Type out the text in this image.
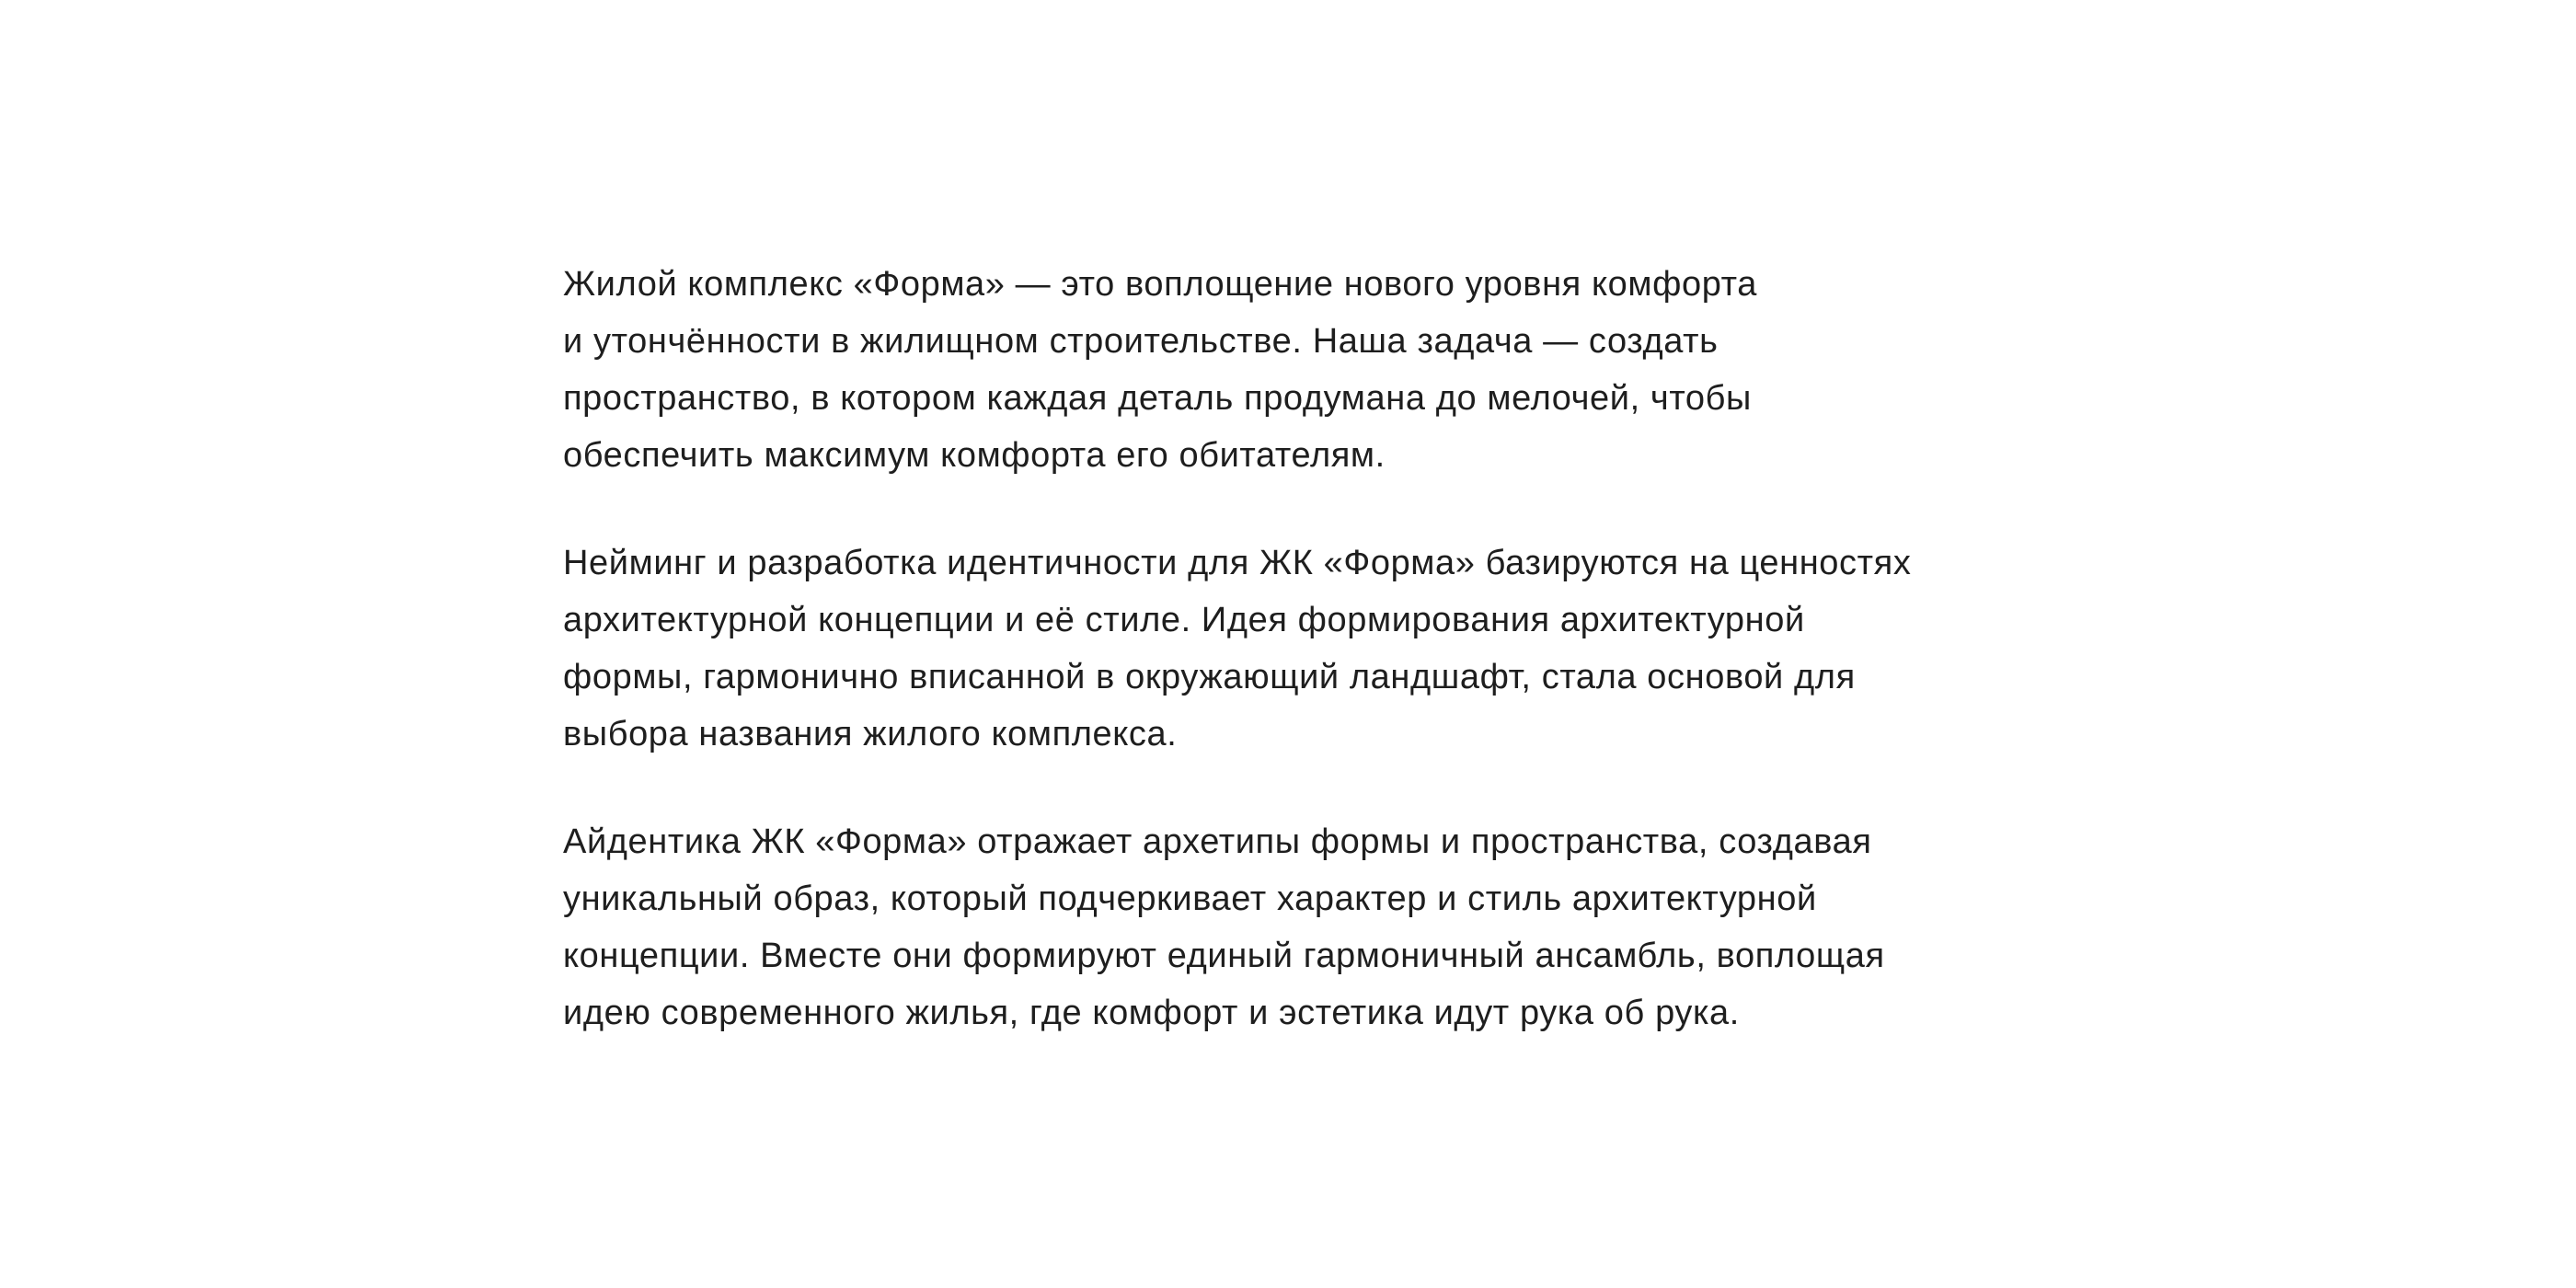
Жилой комплекс «Форма» — это воплощение нового уровня комфорта
и утончённости в жилищном строительстве. Наша задача — создать
пространство, в котором каждая деталь продумана до мелочей, чтобы
обеспечить максимум комфорта его обитателям.

Нейминг и разработка идентичности для ЖК «Форма» базируются на ценностях
архитектурной концепции и её стиле. Идея формирования архитектурной
формы, гармонично вписанной в окружающий ландшафт, стала основой для
выбора названия жилого комплекса.

Айдентика ЖК «Форма» отражает архетипы формы и пространства, создавая
уникальный образ, который подчеркивает характер и стиль архитектурной
концепции. Вместе они формируют единый гармоничный ансамбль, воплощая
идею современного жилья, где комфорт и эстетика идут рука об рука.
